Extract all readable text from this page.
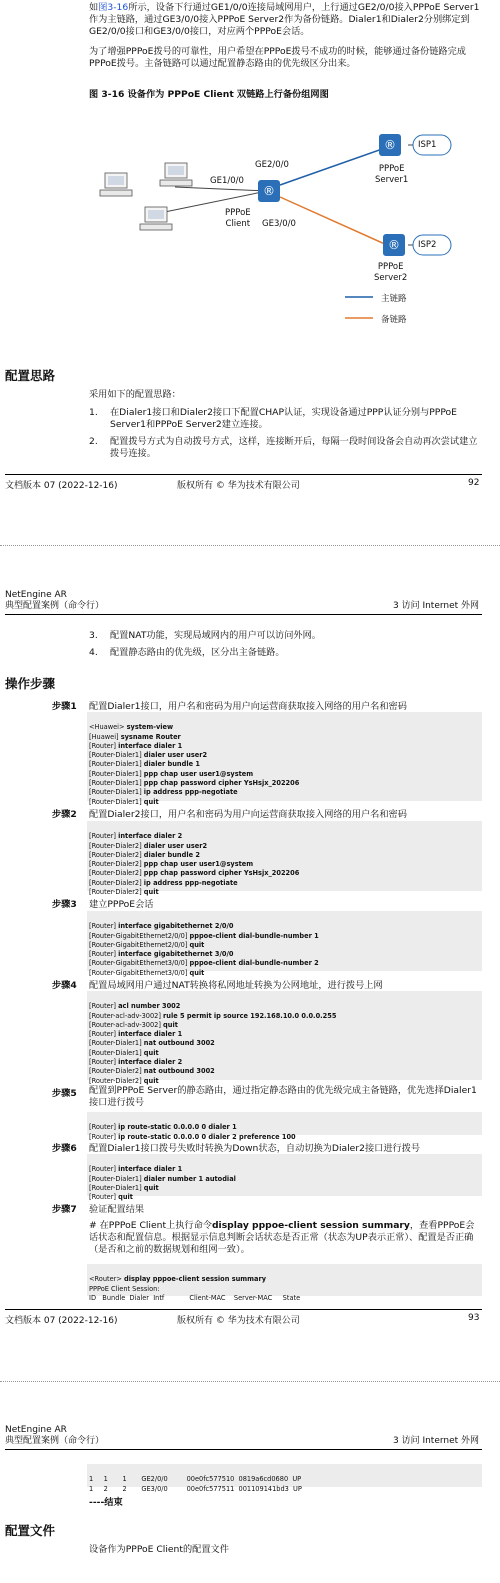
如图3-16所示，设备下行通过GE1/0/0连接局域网用户，上行通过GE2/0/0接入PPPoE Server1作为主链路，通过GE3/0/0接入PPPoE Server2作为备份链路。Dialer1和Dialer2分别绑定到GE2/0/0接口和GE3/0/0接口，对应两个PPPoE会话。
为了增强PPPoE拨号的可靠性，用户希望在PPPoE拨号不成功的时候，能够通过备份链路完成PPPoE拨号。主备链路可以通过配置静态路由的优先级区分出来。
图 3-16 设备作为 PPPoE Client 双链路上行备份组网图
®
®
®
GE2/0/0
GE1/0/0
PPPoE
Client GE3/0/0
PPPoE
Server1
PPPoE
Server2
ISP1
ISP2
主链路
备链路
配置思路
采用如下的配置思路：
1. 在Dialer1接口和Dialer2接口下配置CHAP认证，实现设备通过PPP认证分别与PPPoE Server1和PPPoE Server2建立连接。
2. 配置拨号方式为自动拨号方式，这样，连接断开后，每隔一段时间设备会自动再次尝试建立拨号连接。
文档版本 07 (2022-12-16)	版权所有 © 华为技术有限公司	92
NetEngine AR
典型配置案例（命令行）	3 访问 Internet 外网
3. 配置NAT功能，实现局域网内的用户可以访问外网。
4. 配置静态路由的优先级，区分出主备链路。
操作步骤
步骤1 配置Dialer1接口，用户名和密码为用户向运营商获取接入网络的用户名和密码

<Huawei> system-view
[Huawei] sysname Router
[Router] interface dialer 1
[Router-Dialer1] dialer user user2
[Router-Dialer1] dialer bundle 1
[Router-Dialer1] ppp chap user user1@system
[Router-Dialer1] ppp chap password cipher YsHsjx_202206
[Router-Dialer1] ip address ppp-negotiate
[Router-Dialer1] quit

步骤2 配置Dialer2接口，用户名和密码为用户向运营商获取接入网络的用户名和密码

[Router] interface dialer 2
[Router-Dialer2] dialer user user2
[Router-Dialer2] dialer bundle 2
[Router-Dialer2] ppp chap user user1@system
[Router-Dialer2] ppp chap password cipher YsHsjx_202206
[Router-Dialer2] ip address ppp-negotiate
[Router-Dialer2] quit

步骤3 建立PPPoE会话

[Router] interface gigabitethernet 2/0/0
[Router-GigabitEthernet2/0/0] pppoe-client dial-bundle-number 1
[Router-GigabitEthernet2/0/0] quit
[Router] interface gigabitethernet 3/0/0
[Router-GigabitEthernet3/0/0] pppoe-client dial-bundle-number 2
[Router-GigabitEthernet3/0/0] quit

步骤4 配置局域网用户通过NAT转换将私网地址转换为公网地址，进行拨号上网

[Router] acl number 3002
[Router-acl-adv-3002] rule 5 permit ip source 192.168.10.0 0.0.0.255
[Router-acl-adv-3002] quit
[Router] interface dialer 1
[Router-Dialer1] nat outbound 3002
[Router-Dialer1] quit
[Router] interface dialer 2
[Router-Dialer2] nat outbound 3002
[Router-Dialer2] quit

步骤5 配置到PPPoE Server的静态路由，通过指定静态路由的优先级完成主备链路，优先选择Dialer1接口进行拨号

[Router] ip route-static 0.0.0.0 0 dialer 1
[Router] ip route-static 0.0.0.0 0 dialer 2 preference 100

步骤6 配置Dialer1接口拨号失败时转换为Down状态，自动切换为Dialer2接口进行拨号

[Router] interface dialer 1
[Router-Dialer1] dialer number 1 autodial
[Router-Dialer1] quit
[Router] quit

步骤7 验证配置结果
# 在PPPoE Client上执行命令display pppoe-client session summary，查看PPPoE会话状态和配置信息。根据显示信息判断会话状态是否正常（状态为UP表示正常）、配置是否正确（是否和之前的数据规划和组网一致）。

<Router> display pppoe-client session summary
PPPoE Client Session:
ID   Bundle  Dialer  Intf            Client-MAC    Server-MAC     State

文档版本 07 (2022-12-16)	版权所有 © 华为技术有限公司	93
NetEngine AR
典型配置案例（命令行）	3 访问 Internet 外网

1     1       1       GE2/0/0         00e0fc577510  0819a6cd0680  UP
1     2       2       GE3/0/0         00e0fc577511  001109141bd3  UP

----结束
配置文件
设备作为PPPoE Client的配置文件
